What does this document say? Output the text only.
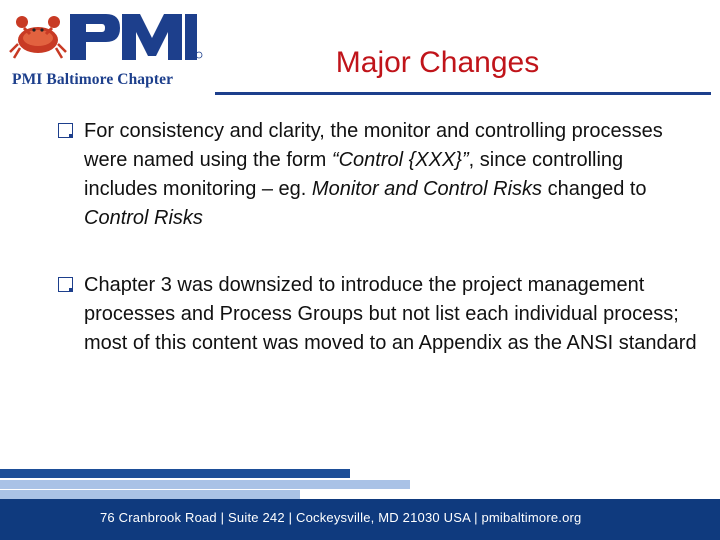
PMI Baltimore Chapter
Major Changes
For consistency and clarity, the monitor and controlling processes were named using the form “Control {XXX}”, since controlling includes monitoring – eg. Monitor and Control Risks changed to Control Risks
Chapter 3 was downsized to introduce the project management processes and Process Groups but not list each individual process; most of this content was moved to an Appendix as the ANSI standard
76 Cranbrook Road | Suite 242 | Cockeysville, MD 21030 USA | pmibaltimore.org
